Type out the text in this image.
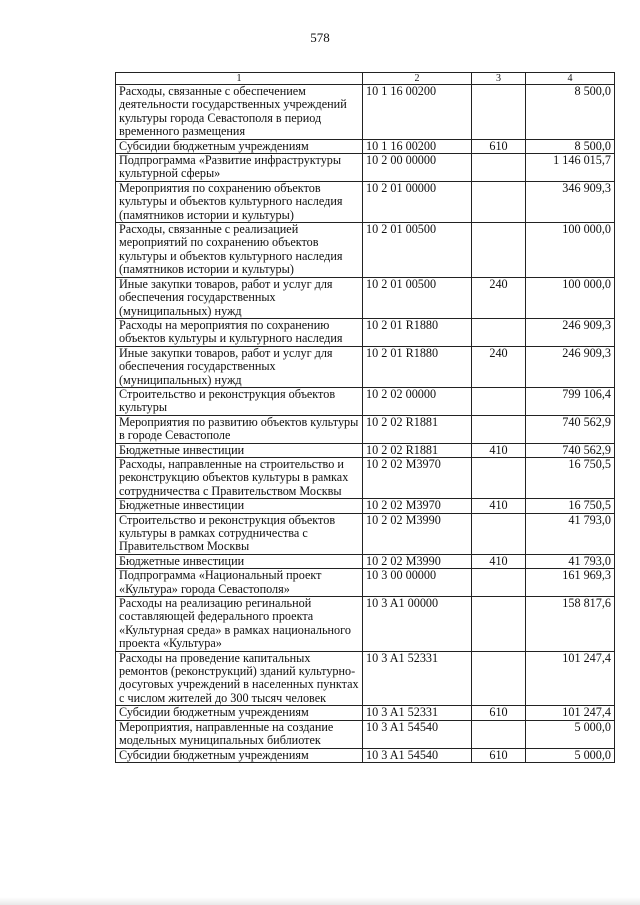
578
1	2	3	4
Расходы, связанные с обеспечением деятельности государственных учреждений культуры города Севастополя в период временного размещения	10 1 16 00200		8 500,0
Субсидии бюджетным учреждениям	10 1 16 00200	610	8 500,0
Подпрограмма «Развитие инфраструктуры культурной сферы»	10 2 00 00000		1 146 015,7
Мероприятия по сохранению объектов культуры и объектов культурного наследия (памятников истории и культуры)	10 2 01 00000		346 909,3
Расходы, связанные с реализацией мероприятий по сохранению объектов культуры и объектов культурного наследия (памятников истории и культуры)	10 2 01 00500		100 000,0
Иные закупки товаров, работ и услуг для обеспечения государственных (муниципальных) нужд	10 2 01 00500	240	100 000,0
Расходы на мероприятия по сохранению объектов культуры и культурного наследия	10 2 01 R1880		246 909,3
Иные закупки товаров, работ и услуг для обеспечения государственных (муниципальных) нужд	10 2 01 R1880	240	246 909,3
Строительство и реконструкция объектов культуры	10 2 02 00000		799 106,4
Мероприятия по развитию объектов культуры в городе Севастополе	10 2 02 R1881		740 562,9
Бюджетные инвестиции	10 2 02 R1881	410	740 562,9
Расходы, направленные на строительство и реконструкцию объектов культуры в рамках сотрудничества с Правительством Москвы	10 2 02 M3970		16 750,5
Бюджетные инвестиции	10 2 02 M3970	410	16 750,5
Строительство и реконструкция объектов культуры в рамках сотрудничества с Правительством Москвы	10 2 02 M3990		41 793,0
Бюджетные инвестиции	10 2 02 M3990	410	41 793,0
Подпрограмма «Национальный проект «Культура» города Севастополя»	10 3 00 00000		161 969,3
Расходы на реализацию регинальной составляющей федерального проекта «Культурная среда» в рамках национального проекта «Культура»	10 3 A1 00000		158 817,6
Расходы на проведение капитальных ремонтов (реконструкций) зданий культурно-досуговых учреждений в населенных пунктах с числом жителей до 300 тысяч человек	10 3 A1 52331		101 247,4
Субсидии бюджетным учреждениям	10 3 A1 52331	610	101 247,4
Мероприятия, направленные на создание модельных муниципальных библиотек	10 3 A1 54540		5 000,0
Субсидии бюджетным учреждениям	10 3 A1 54540	610	5 000,0
